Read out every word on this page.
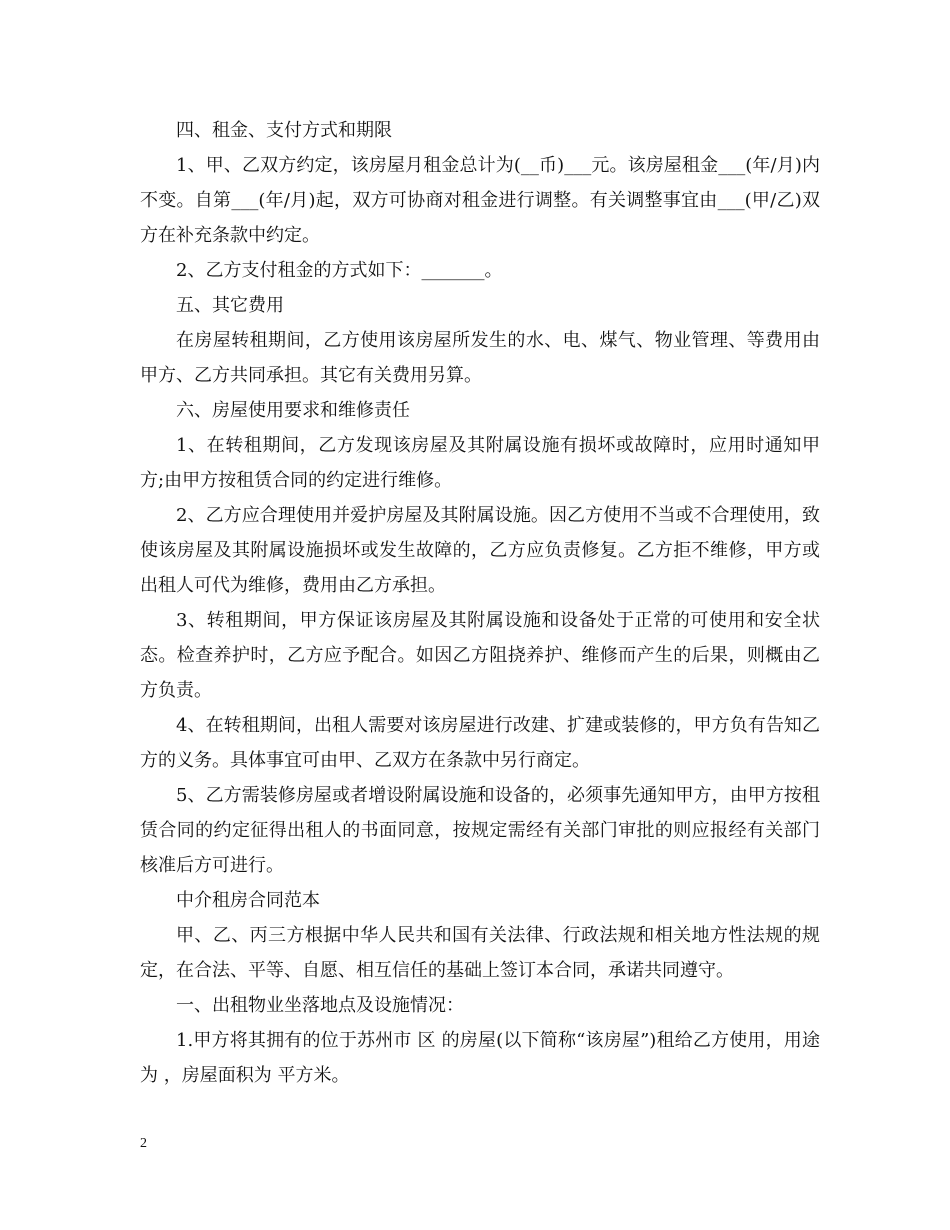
四、租金、支付方式和期限

1、甲、乙双方约定，该房屋月租金总计为(__币)___元。该房屋租金___(年/月)内不变。自第___(年/月)起，双方可协商对租金进行调整。有关调整事宜由___(甲/乙)双方在补充条款中约定。

2、乙方支付租金的方式如下：_______。

五、其它费用

在房屋转租期间，乙方使用该房屋所发生的水、电、煤气、物业管理、等费用由甲方、乙方共同承担。其它有关费用另算。

六、房屋使用要求和维修责任

1、在转租期间，乙方发现该房屋及其附属设施有损坏或故障时，应用时通知甲方;由甲方按租赁合同的约定进行维修。

2、乙方应合理使用并爱护房屋及其附属设施。因乙方使用不当或不合理使用，致使该房屋及其附属设施损坏或发生故障的，乙方应负责修复。乙方拒不维修，甲方或出租人可代为维修，费用由乙方承担。

3、转租期间，甲方保证该房屋及其附属设施和设备处于正常的可使用和安全状态。检查养护时，乙方应予配合。如因乙方阻挠养护、维修而产生的后果，则概由乙方负责。

4、在转租期间，出租人需要对该房屋进行改建、扩建或装修的，甲方负有告知乙方的义务。具体事宜可由甲、乙双方在条款中另行商定。

5、乙方需装修房屋或者增设附属设施和设备的，必须事先通知甲方，由甲方按租赁合同的约定征得出租人的书面同意，按规定需经有关部门审批的则应报经有关部门核准后方可进行。

中介租房合同范本

甲、乙、丙三方根据中华人民共和国有关法律、行政法规和相关地方性法规的规定，在合法、平等、自愿、相互信任的基础上签订本合同，承诺共同遵守。

一、出租物业坐落地点及设施情况：

1.甲方将其拥有的位于苏州市 区 的房屋(以下简称“该房屋”)租给乙方使用，用途为 ，房屋面积为 平方米。

2
